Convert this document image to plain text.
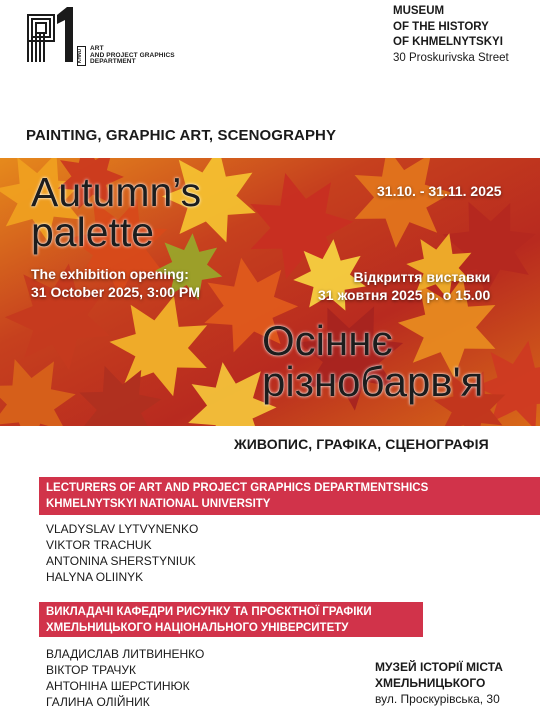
KHNU
ART
AND PROJECT GRAPHICS
DEPARTMENT
MUSEUM
OF THE HISTORY
OF KHMELNYTSKYI
30 Proskurivska Street
PAINTING, GRAPHIC ART, SCENOGRAPHY
Autumn’s
palette
The exhibition opening:
31 October 2025, 3:00 PM
31.10. - 31.11. 2025
Відкриття виставки
31 жовтня 2025 р. о 15.00
Осіннє
різнобарв'я
ЖИВОПИС, ГРАФІКА, СЦЕНОГРАФІЯ
LECTURERS OF ART AND PROJECT GRAPHICS DEPARTMENTSHICS
KHMELNYTSKYI NATIONAL UNIVERSITY
VLADYSLAV LYTVYNENKO
VIKTOR TRACHUK
ANTONINA SHERSTYNIUK
HALYNA OLIINYK
ВИКЛАДАЧІ КАФЕДРИ РИСУНКУ ТА ПРОЄКТНОЇ ГРАФІКИ
ХМЕЛЬНИЦЬКОГО НАЦІОНАЛЬНОГО УНІВЕРСИТЕТУ
ВЛАДИСЛАВ ЛИТВИНЕНКО
ВІКТОР ТРАЧУК
АНТОНІНА ШЕРСТИНЮК
ГАЛИНА ОЛІЙНИК
МУЗЕЙ ІСТОРІЇ МІСТА
ХМЕЛЬНИЦЬКОГО
вул. Проскурівська, 30
